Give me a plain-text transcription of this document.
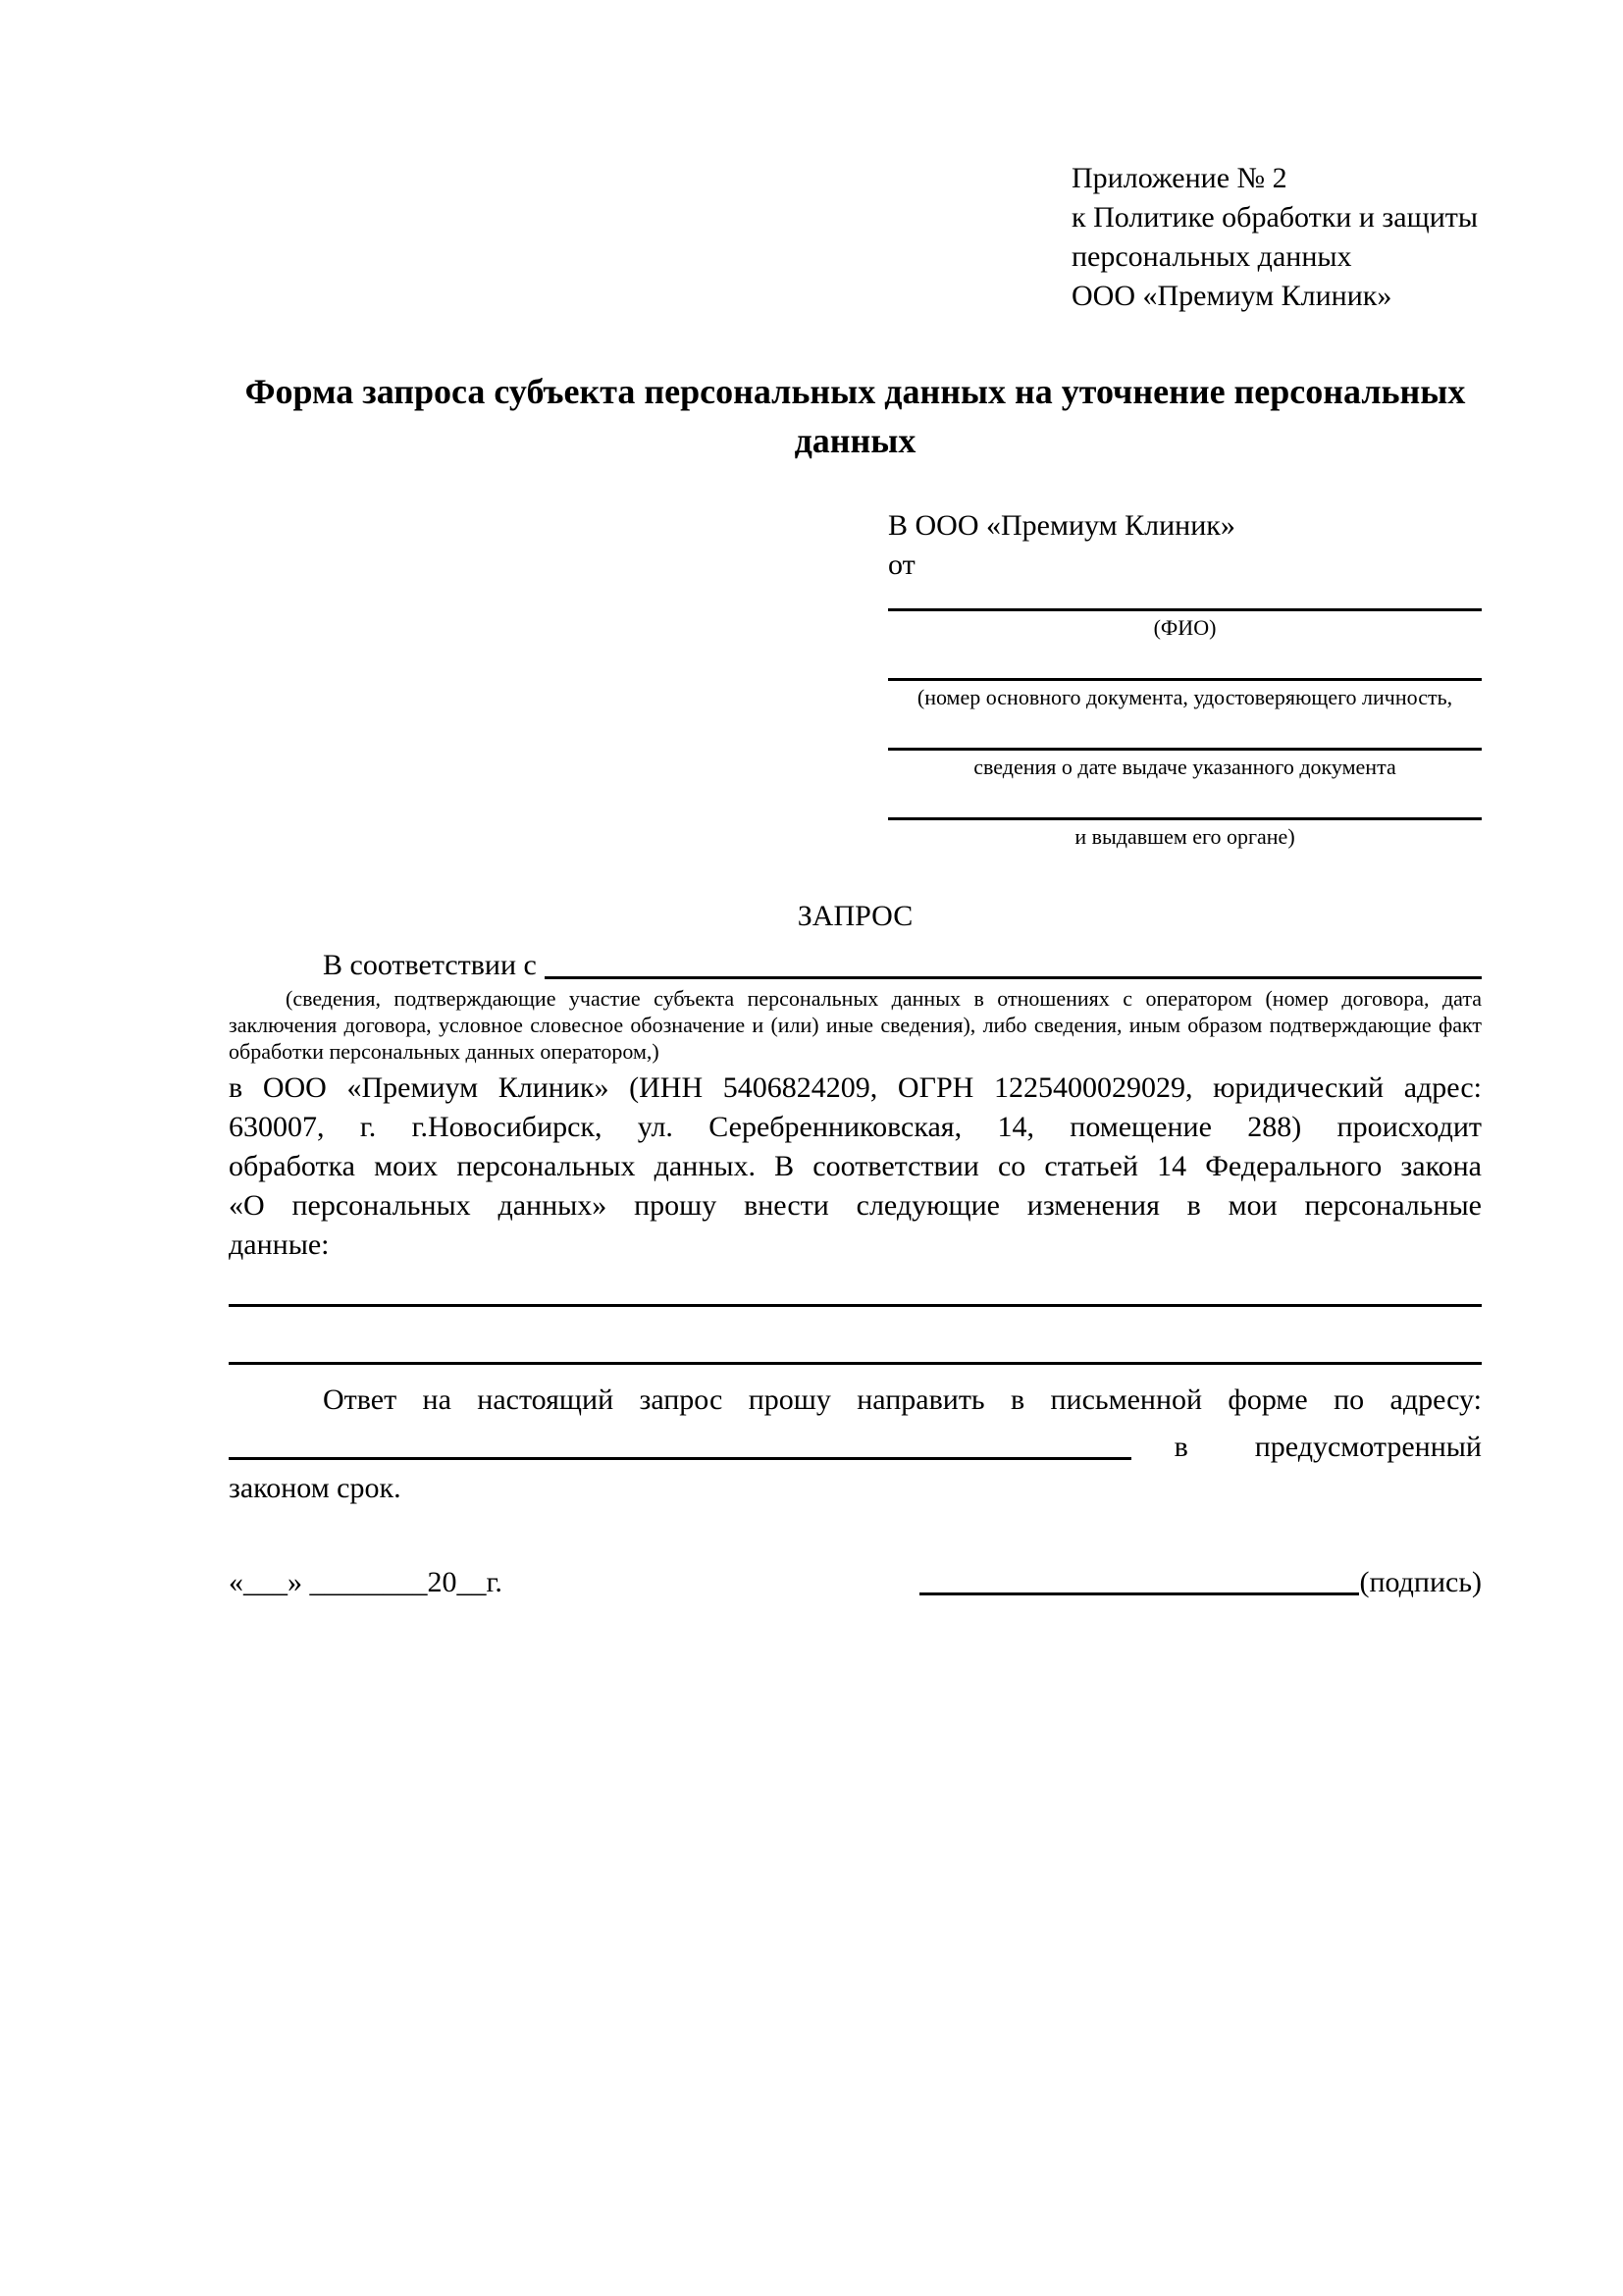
Приложение № 2
к Политике обработки и защиты
персональных данных
ООО «Премиум Клиник»
Форма запроса субъекта персональных данных на уточнение персональных данных
В ООО «Премиум Клиник»
от
(ФИО)
(номер основного документа, удостоверяющего личность,
сведения о дате выдаче указанного документа
и выдавшем его органе)
ЗАПРОС
В соответствии с
(сведения, подтверждающие участие субъекта персональных данных в отношениях с оператором (номер договора, дата
заключения договора, условное словесное обозначение и (или) иные сведения), либо сведения, иным образом подтверждающие факт
обработки персональных данных оператором,)
в ООО «Премиум Клиник» (ИНН 5406824209, ОГРН 1225400029029, юридический адрес:
630007, г. г.Новосибирск, ул. Серебренниковская, 14, помещение 288) происходит
обработка моих персональных данных. В соответствии со статьей 14 Федерального закона
«О персональных данных» прошу внести следующие изменения в мои персональные
данные:
Ответ на настоящий запрос прошу направить в письменной форме по адресу:
в предусмотренный
законом срок.
«___» ________20__г.	(подпись)
